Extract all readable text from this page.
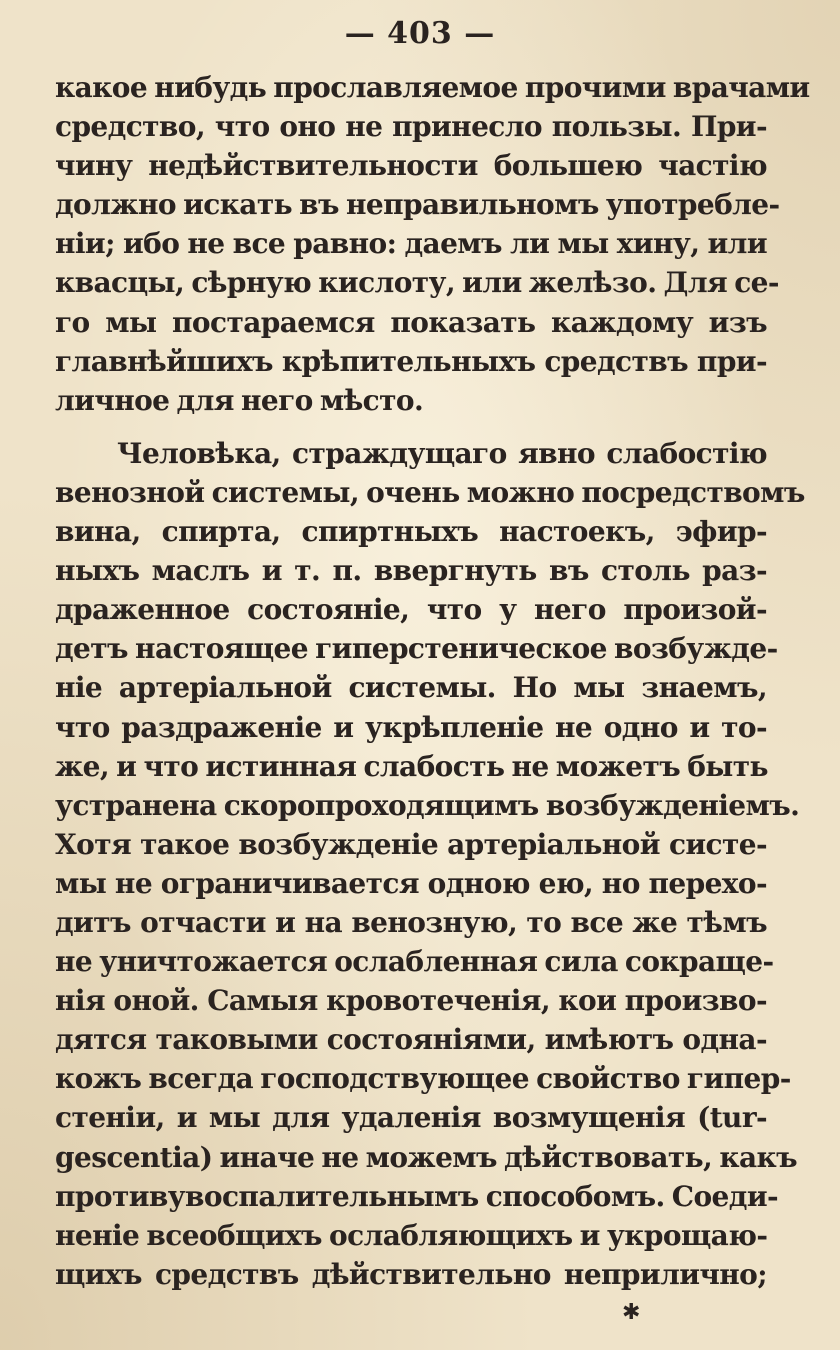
— 403 —
какое нибудь прославляемое прочими врачами
средство, что оно не принесло пользы. При-
чину недѣйствительности большею частiю
должно искать въ неправильномъ употребле-
нiи; ибо не все равно: даемъ ли мы хину, или
квасцы, сѣрную кислоту, или желѣзо. Для се-
го мы постараемся показать каждому изъ
главнѣйшихъ крѣпительныхъ средствъ при-
личное для него мѣсто.
Человѣка, страждущаго явно слабостiю
венозной системы, очень можно посредствомъ
вина, спирта, спиртныхъ настоекъ, эфир-
ныхъ маслъ и т. п. ввергнуть въ столь раз-
драженное состоянiе, что у него произой-
детъ настоящее гиперстеническое возбужде-
нiе артерiальной системы. Но мы знаемъ,
что раздраженiе и укрѣпленiе не одно и то-
же, и что истинная слабость не можетъ быть
устранена скоропроходящимъ возбужденiемъ.
Хотя такое возбужденiе артерiальной систе-
мы не ограничивается одною ею, но перехо-
дитъ отчасти и на венозную, то все же тѣмъ
не уничтожается ослабленная сила сокраще-
нiя оной. Самыя кровотеченiя, кои произво-
дятся таковыми состоянiями, имѣютъ одна-
кожъ всегда господствующее свойство гипер-
стенiи, и мы для удаленiя возмущенiя (tur-
gescentia) иначе не можемъ дѣйствовать, какъ
противувоспалительнымъ способомъ. Соеди-
ненiе всеобщихъ ослабляющихъ и укрощаю-
щихъ средствъ дѣйствительно неприлично;
✱
